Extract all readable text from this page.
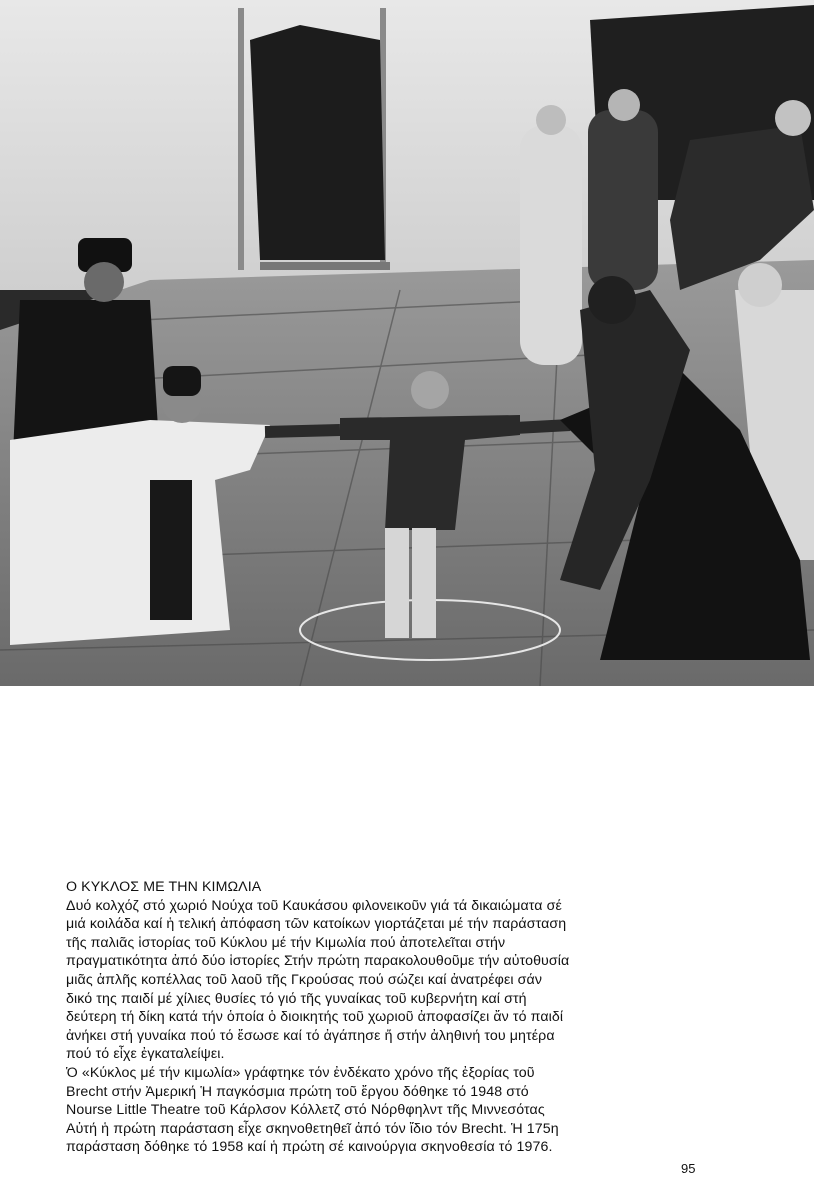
Ο ΚΥΚΛΟΣ ΜΕ ΤΗΝ ΚΙΜΩΛΙΑ

Δυό κολχόζ στό χωριό Νούχα τοῦ Καυκάσου φιλονεικοῦν γιά τά δικαιώματα σέ
μιά κοιλάδα καί ἡ τελική ἀπόφαση τῶν κατοίκων γιορτάζεται μέ τήν παράσταση
τῆς παλιᾶς ἱστορίας τοῦ Κύκλου μέ τήν Κιμωλία πού ἀποτελεῖται στήν
πραγματικότητα ἀπό δύο ἱστορίες Στήν πρώτη παρακολουθοῦμε τήν αὐτοθυσία
μιᾶς ἁπλῆς κοπέλλας τοῦ λαοῦ τῆς Γκρούσας πού σώζει καί ἀνατρέφει σάν
δικό της παιδί μέ χίλιες θυσίες τό γιό τῆς γυναίκας τοῦ κυβερνήτη καί στή
δεύτερη τή δίκη κατά τήν ὁποία ὁ διοικητής τοῦ χωριοῦ ἀποφασίζει ἄν τό παιδί
ἀνήκει στή γυναίκα πού τό ἔσωσε καί τό ἀγάπησε ἤ στήν ἀληθινή του μητέρα
πού τό εἶχε ἐγκαταλείψει.
Ὁ «Κύκλος μέ τήν κιμωλία» γράφτηκε τόν ἐνδέκατο χρόνο τῆς ἐξορίας τοῦ
Brecht στήν Ἀμερική Ἡ παγκόσμια πρώτη τοῦ ἔργου δόθηκε τό 1948 στό
Nourse Little Theatre τοῦ Κάρλσον Κόλλετζ στό Νόρθφηλντ τῆς Μιννεσότας
Αὐτή ἡ πρώτη παράσταση εἶχε σκηνοθετηθεῖ ἀπό τόν ἴδιο τόν Brecht. Ἡ 175η
παράσταση δόθηκε τό 1958 καί ἡ πρώτη σέ καινούργια σκηνοθεσία τό 1976.
95
